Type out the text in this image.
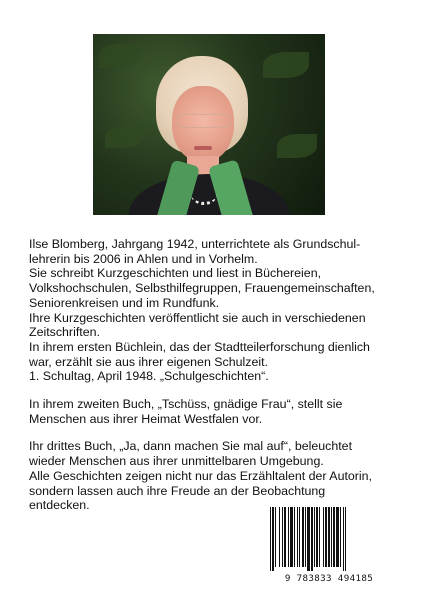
Ilse Blomberg, Jahrgang 1942, unterrichtete als Grundschul-
lehrerin bis 2006 in Ahlen und in Vorhelm.
Sie schreibt Kurzgeschichten und liest in Büchereien,
Volkshochschulen, Selbsthilfegruppen, Frauengemeinschaften,
Seniorenkreisen und im Rundfunk.
Ihre Kurzgeschichten veröffentlicht sie auch in verschiedenen
Zeitschriften.
In ihrem ersten Büchlein, das der Stadtteilerforschung dienlich
war, erzählt sie aus ihrer eigenen Schulzeit.
1. Schultag, April 1948. „Schulgeschichten“.
In ihrem zweiten Buch, „Tschüss, gnädige Frau“, stellt sie
Menschen aus ihrer Heimat Westfalen vor.
Ihr drittes Buch, „Ja, dann machen Sie mal auf“, beleuchtet
wieder Menschen aus ihrer unmittelbaren Umgebung.
Alle Geschichten zeigen nicht nur das Erzähltalent der Autorin,
sondern lassen auch ihre Freude an der Beobachtung
entdecken.
9 783833 494185
